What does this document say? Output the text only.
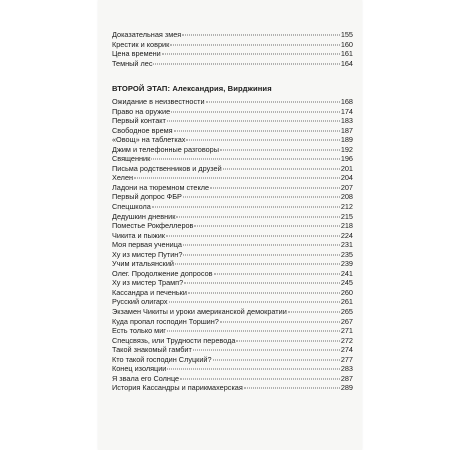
Доказательная змея	155
Крестик и коврик	160
Цена времени	161
Темный лес	164
ВТОРОЙ ЭТАП: Александрия, Вирджиния
Ожидание в неизвестности	168
Право на оружие	174
Первый контакт	183
Свободное время	187
«Овощ» на таблетках	189
Джим и телефонные разговоры	192
Священник	196
Письма родственников и друзей	201
Хелен	204
Ладони на тюремном стекле	207
Первый допрос ФБР	208
Спецшкола	212
Дедушкин дневник	215
Поместье Рокфеллеров	218
Чикита и пыжик	224
Моя первая ученица	231
Ху из мистер Путин?	235
Учим итальянский	239
Олег. Продолжение допросов	241
Ху из мистер Трамп?	245
Кассандра и печеньки	260
Русский олигарх	261
Экзамен Чикиты и уроки американской демократии	265
Куда пропал господин Торшин?	267
Есть только миг	271
Спецсвязь, или Трудности перевода	272
Такой знакомый гамбит	274
Кто такой господин Слуцкий?	277
Конец изоляции	283
Я звала его Солнце	287
История Кассандры и парикмахерская	289
